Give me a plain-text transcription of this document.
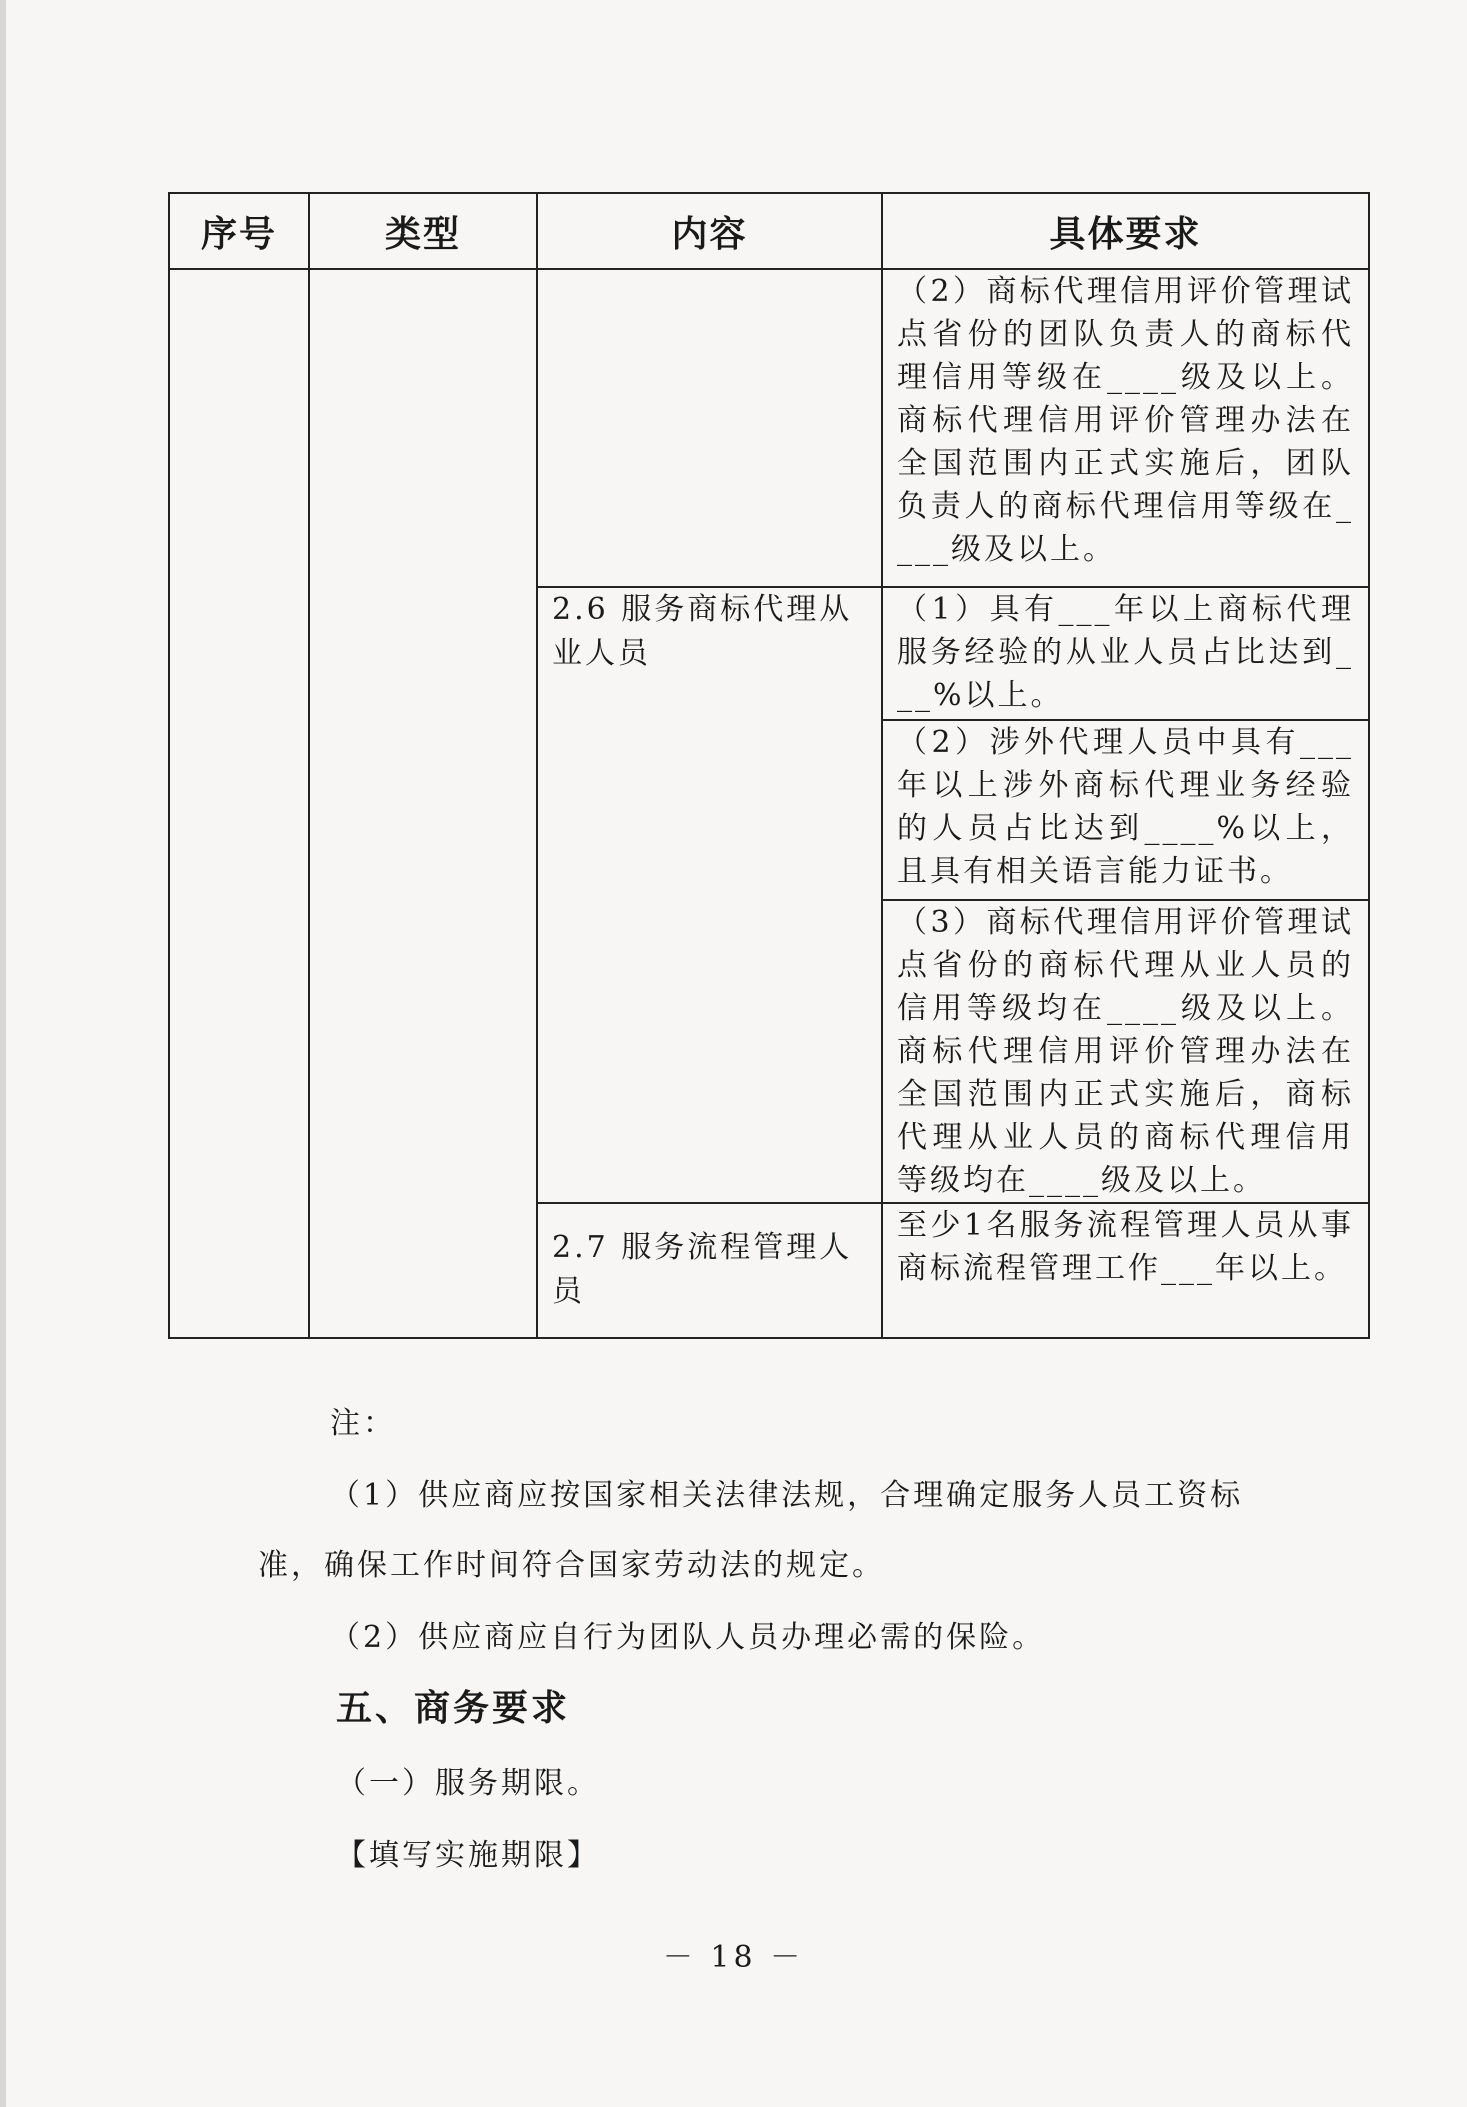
序号	类型	内容	具体要求
			（2）商标代理信用评价管理试点省份的团队负责人的商标代理信用等级在____级及以上。商标代理信用评价管理办法在全国范围内正式实施后，团队负责人的商标代理信用等级在____级及以上。
		2.6 服务商标代理从业人员	（1）具有___年以上商标代理服务经验的从业人员占比达到___%以上。
			（2）涉外代理人员中具有___年以上涉外商标代理业务经验的人员占比达到____%以上，且具有相关语言能力证书。
			（3）商标代理信用评价管理试点省份的商标代理从业人员的信用等级均在____级及以上。商标代理信用评价管理办法在全国范围内正式实施后，商标代理从业人员的商标代理信用等级均在____级及以上。
		2.7 服务流程管理人员	至少1名服务流程管理人员从事商标流程管理工作___年以上。
注：
（1）供应商应按国家相关法律法规，合理确定服务人员工资标
准，确保工作时间符合国家劳动法的规定。
（2）供应商应自行为团队人员办理必需的保险。
五、商务要求
（一）服务期限。
【填写实施期限】
－ 18 －
